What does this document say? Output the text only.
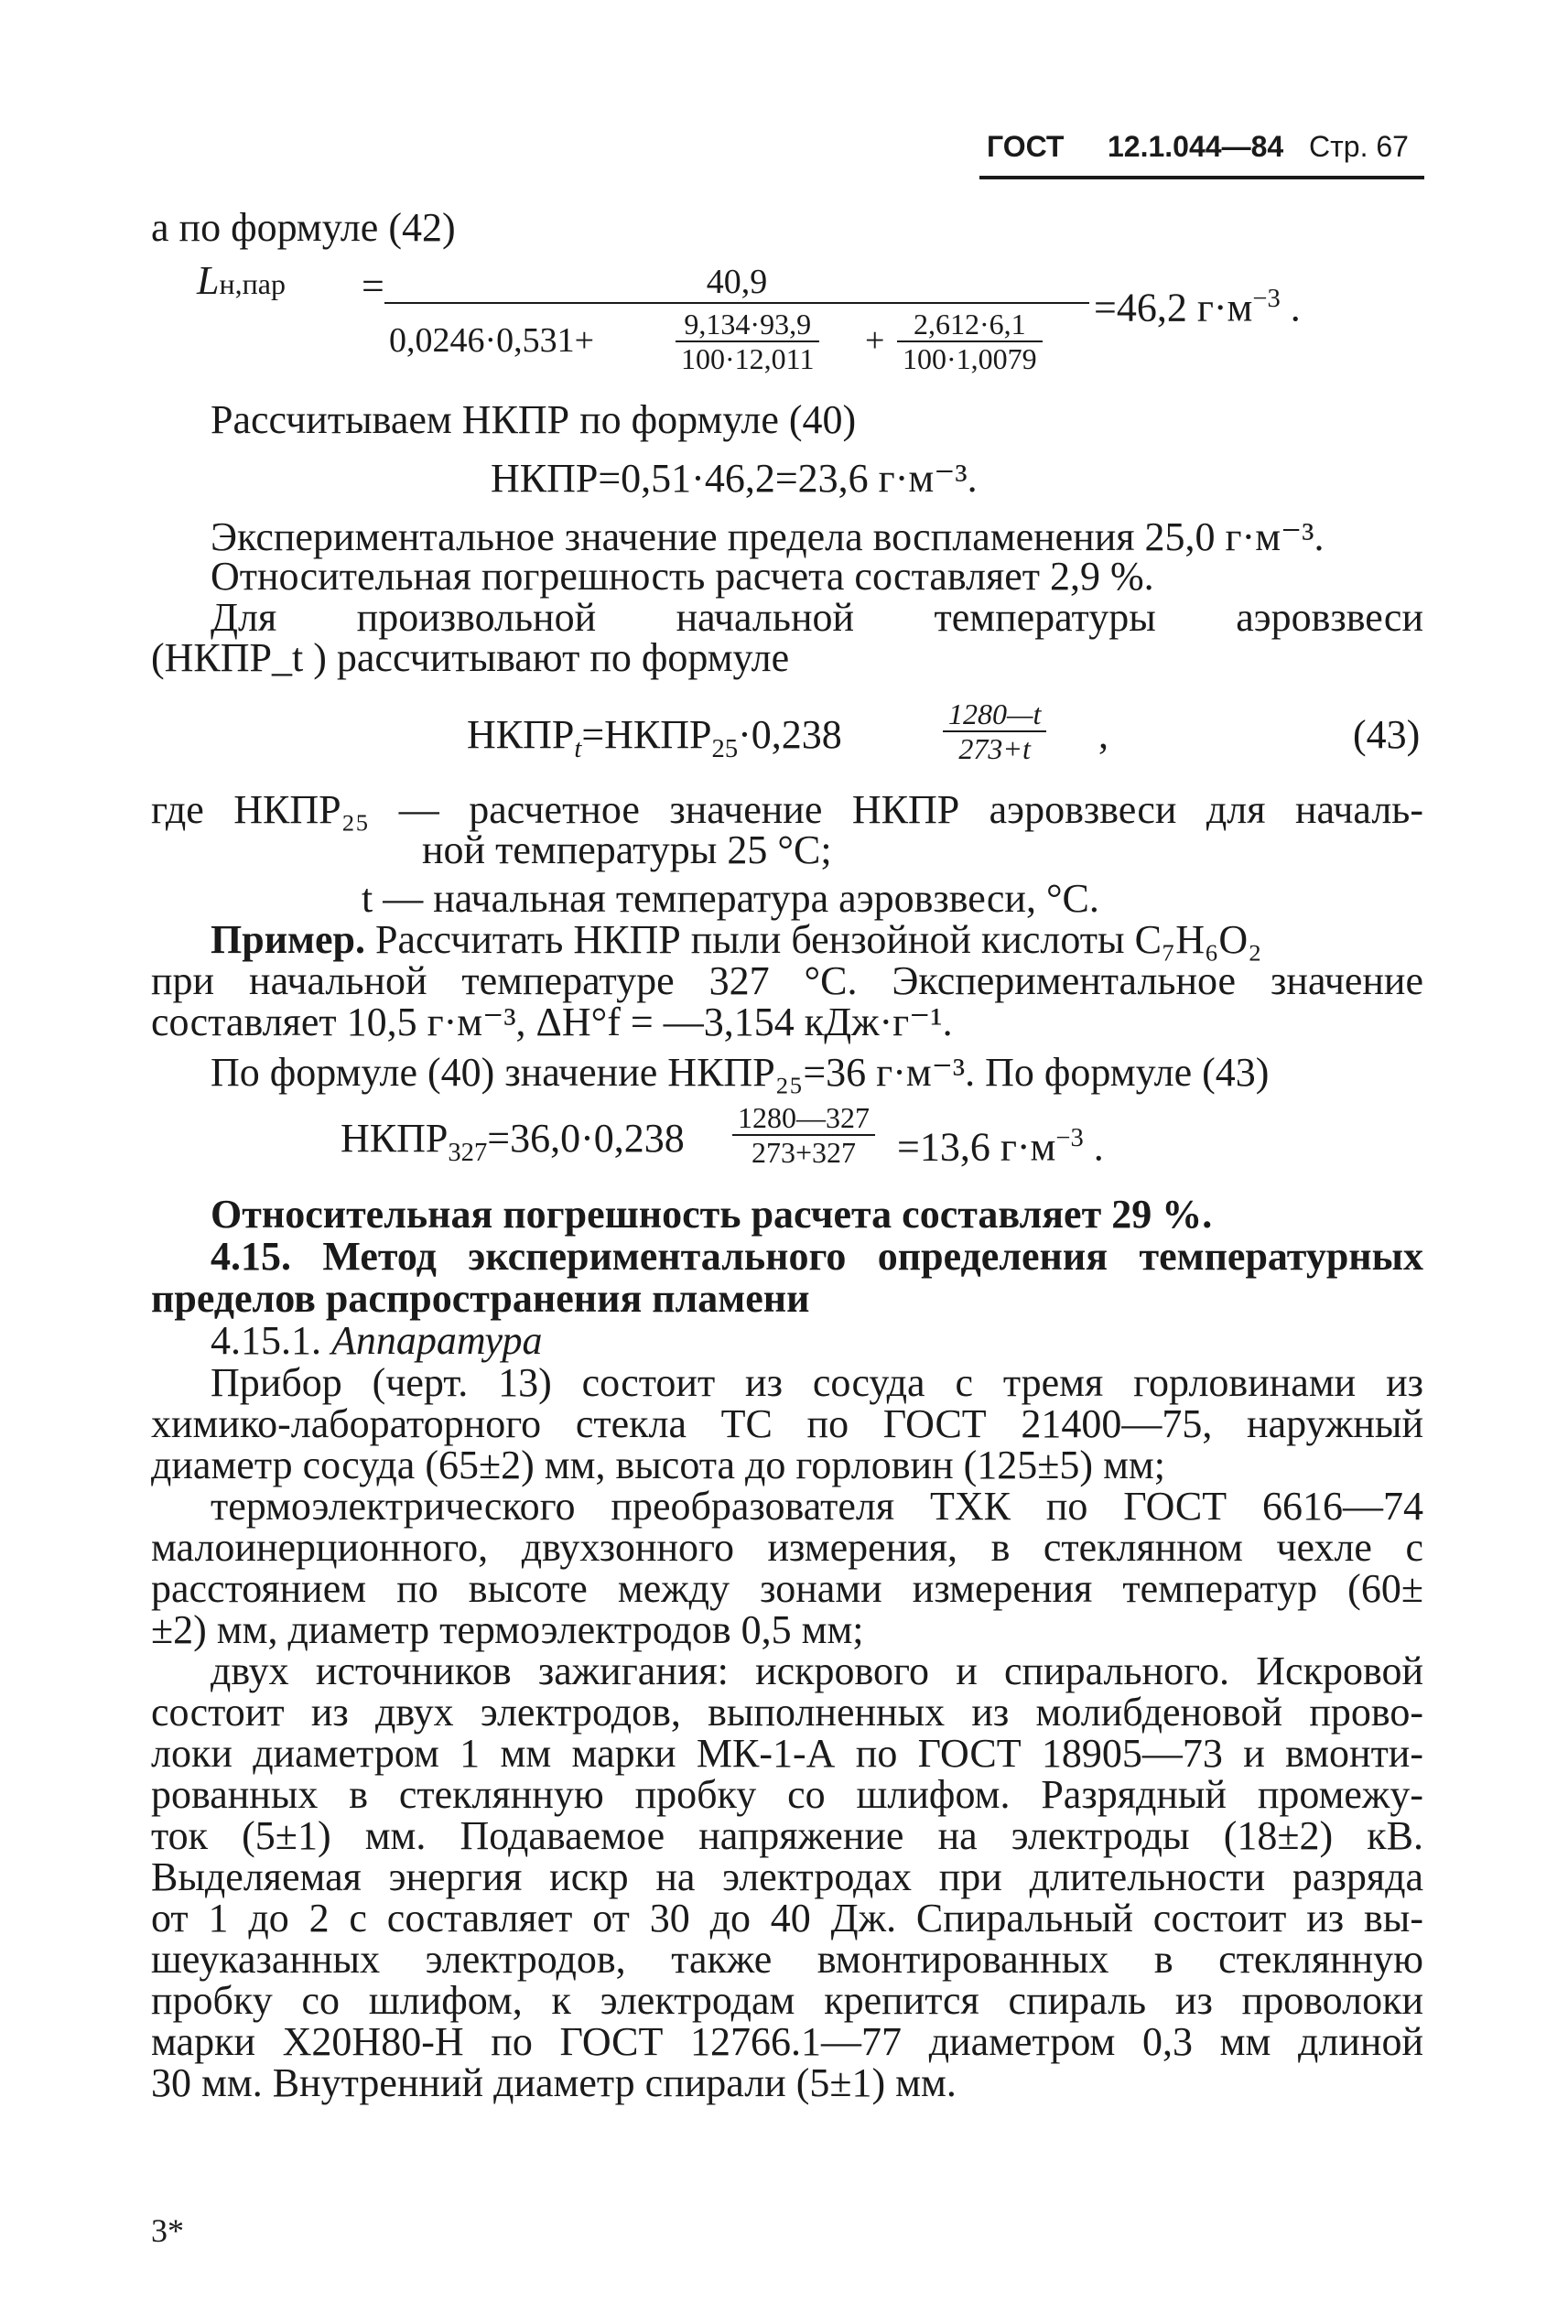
ГОСТ 12.1.044—84 Стр. 67
а по формуле (42)
Lн,пар =	40,9
0,0246·0,531+	$\frac{9,134\cdot 93,9}{100\cdot 12,011} + \frac{2,612\cdot 6,1}{100\cdot 1,0079} =46,2$ $г\cdot м^{-3}$ .
Рассчитываем НКПР по формуле (40)
НКПР=0,51·46,2=23,6 г·м⁻³.
Экспериментальное значение предела воспламенения 25,0 г·м⁻³.
Относительная погрешность расчета составляет 2,9 %.
Для произвольной начальной температуры аэровзвеси
(НКПР_t ) рассчитывают по формуле
$НКПР_t=НКПР_{25}\cdot 0,238$	$\frac{1280—t}{273+t}$ ,	(43)
где НКПР₂₅ — расчетное значение НКПР аэровзвеси для началь-
ной температуры 25 °С;
t — начальная температура аэровзвеси, °С.
Пример. Рассчитать НКПР пыли бензойной кислоты C₇H₆O₂
при начальной температуре 327 °С. Экспериментальное значение
составляет 10,5 г·м⁻³, ΔH°f = —3,154 кДж·г⁻¹.
По формуле (40) значение НКПР₂₅=36 г·м⁻³. По формуле (43)
$НКПР_{327}=36,0\cdot 0,238 \frac{1280—327}{273+327} =13,6$ $г\cdot м^{-3}$ .
Относительная погрешность расчета составляет 29 %.
4.15. Метод экспериментального определения температурных
пределов распространения пламени
4.15.1. Аппаратура
Прибор (черт. 13) состоит из сосуда с тремя горловинами из
химико-лабораторного стекла ТС по ГОСТ 21400—75, наружный
диаметр сосуда (65±2) мм, высота до горловин (125±5) мм;
термоэлектрического преобразователя ТХК по ГОСТ 6616—74
малоинерционного, двухзонного измерения, в стеклянном чехле с
расстоянием по высоте между зонами измерения температур (60±
±2) мм, диаметр термоэлектродов 0,5 мм;
двух источников зажигания: искрового и спирального. Искровой
состоит из двух электродов, выполненных из молибденовой прово-
локи диаметром 1 мм марки МК-1-А по ГОСТ 18905—73 и вмонти-
рованных в стеклянную пробку со шлифом. Разрядный промежу-
ток (5±1) мм. Подаваемое напряжение на электроды (18±2) кВ.
Выделяемая энергия искр на электродах при длительности разряда
от 1 до 2 с составляет от 30 до 40 Дж. Спиральный состоит из вы-
шеуказанных электродов, также вмонтированных в стеклянную
пробку со шлифом, к электродам крепится спираль из проволоки
марки Х20Н80-Н по ГОСТ 12766.1—77 диаметром 0,3 мм длиной
30 мм. Внутренний диаметр спирали (5±1) мм.
3*
